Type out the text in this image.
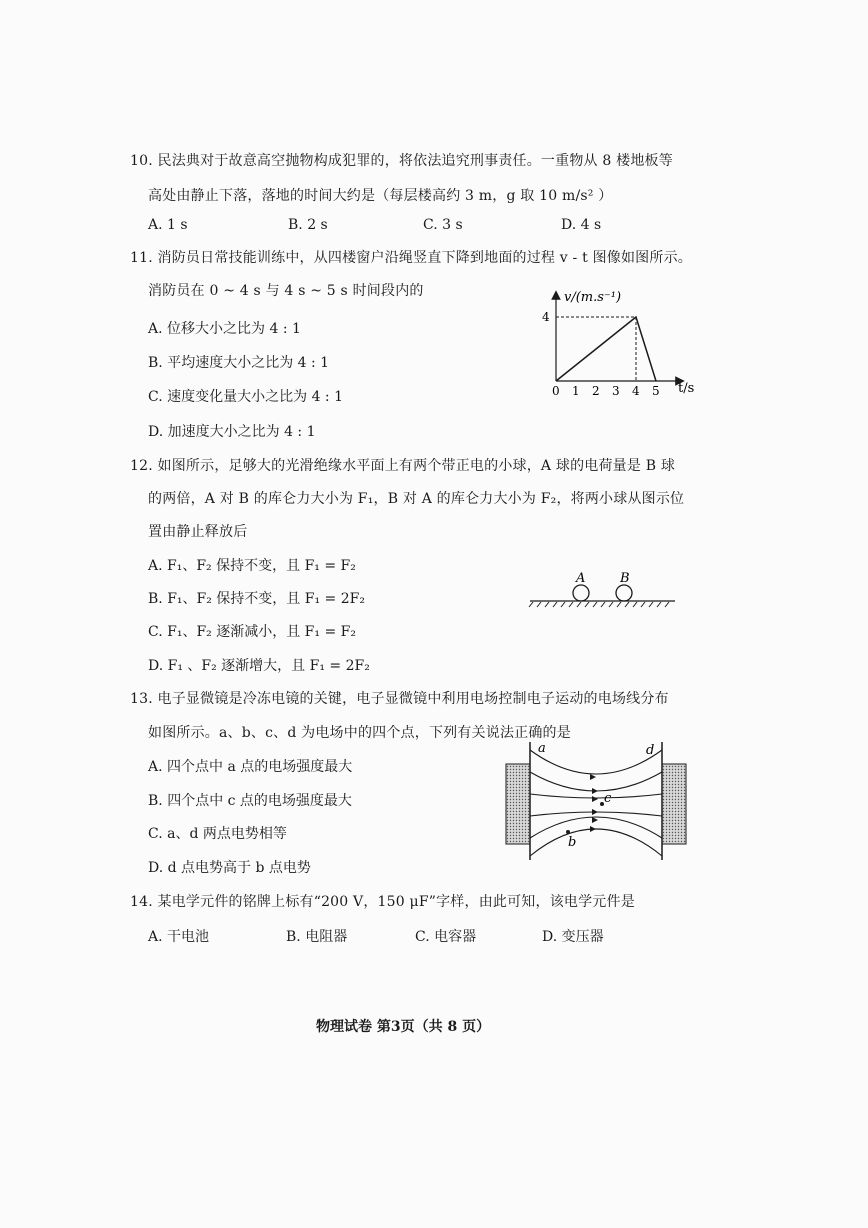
10. 民法典对于故意高空抛物构成犯罪的，将依法追究刑事责任。一重物从 8 楼地板等
高处由静止下落，落地的时间大约是（每层楼高约 3 m，g 取 10 m/s² ）
A. 1 s	B. 2 s	C. 3 s	D. 4 s
11. 消防员日常技能训练中，从四楼窗户沿绳竖直下降到地面的过程 v - t 图像如图所示。
消防员在 0 ~ 4 s 与 4 s ~ 5 s 时间段内的
A. 位移大小之比为 4 : 1
B. 平均速度大小之比为 4 : 1
C. 速度变化量大小之比为 4 : 1
D. 加速度大小之比为 4 : 1
v/(m.s⁻¹)
t/s
0 1 2 3 4 5
4
12. 如图所示，足够大的光滑绝缘水平面上有两个带正电的小球，A 球的电荷量是 B 球
的两倍，A 对 B 的库仑力大小为 F₁，B 对 A 的库仑力大小为 F₂，将两小球从图示位
置由静止释放后
A. F₁、F₂ 保持不变，且 F₁ = F₂
B. F₁、F₂ 保持不变，且 F₁ = 2F₂
C. F₁、F₂ 逐渐减小，且 F₁ = F₂
D. F₁ 、F₂ 逐渐增大，且 F₁ = 2F₂
A	B
13. 电子显微镜是冷冻电镜的关键，电子显微镜中利用电场控制电子运动的电场线分布
如图所示。a、b、c、d 为电场中的四个点，下列有关说法正确的是
A. 四个点中 a 点的电场强度最大
B. 四个点中 c 点的电场强度最大
C. a、d 两点电势相等
D. d 点电势高于 b 点电势
a
b
c
d
14. 某电学元件的铭牌上标有“200 V，150 μF”字样，由此可知，该电学元件是
A. 干电池	B. 电阻器	C. 电容器	D. 变压器
物理试卷 第3页（共 8 页）
